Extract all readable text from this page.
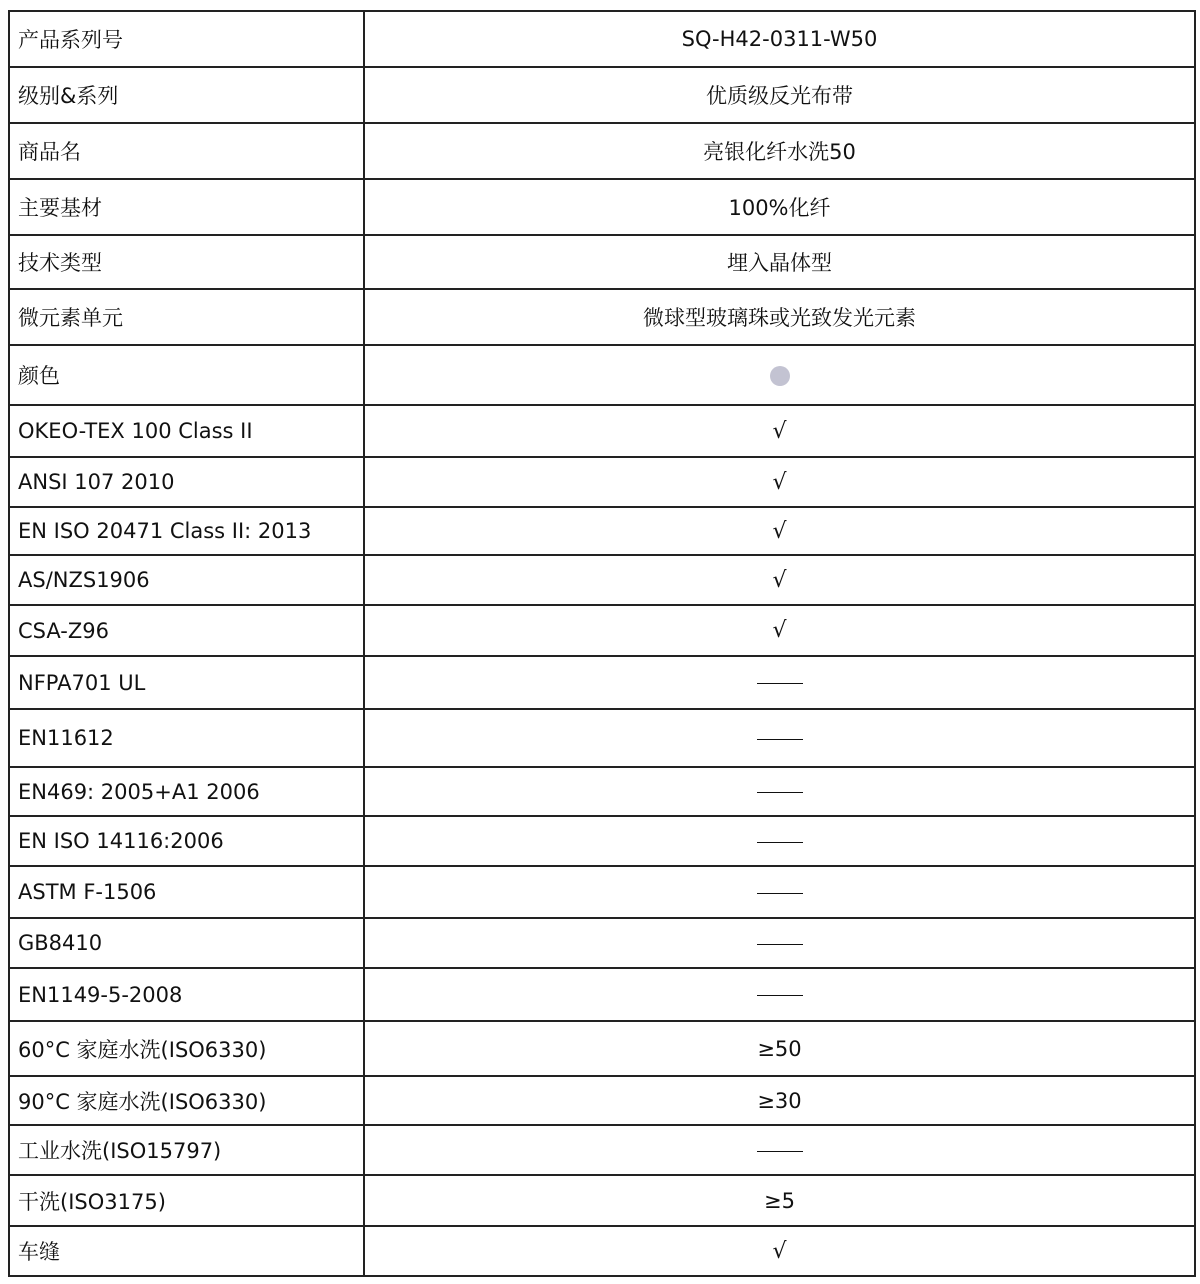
产品系列号	SQ-H42-0311-W50
级别&系列	优质级反光布带
商品名	亮银化纤水洗50
主要基材	100%化纤
技术类型	埋入晶体型
微元素单元	微球型玻璃珠或光致发光元素
颜色	
OKEO-TEX 100 Class II	√
ANSI 107 2010	√
EN ISO 20471 Class II: 2013	√
AS/NZS1906	√
CSA-Z96	√
NFPA701 UL	
EN11612	
EN469: 2005+A1 2006	
EN ISO 14116:2006	
ASTM F-1506	
GB8410	
EN1149-5-2008	
60°C 家庭水洗(ISO6330)	≥50
90°C 家庭水洗(ISO6330)	≥30
工业水洗(ISO15797)	
干洗(ISO3175)	≥5
车缝	√
